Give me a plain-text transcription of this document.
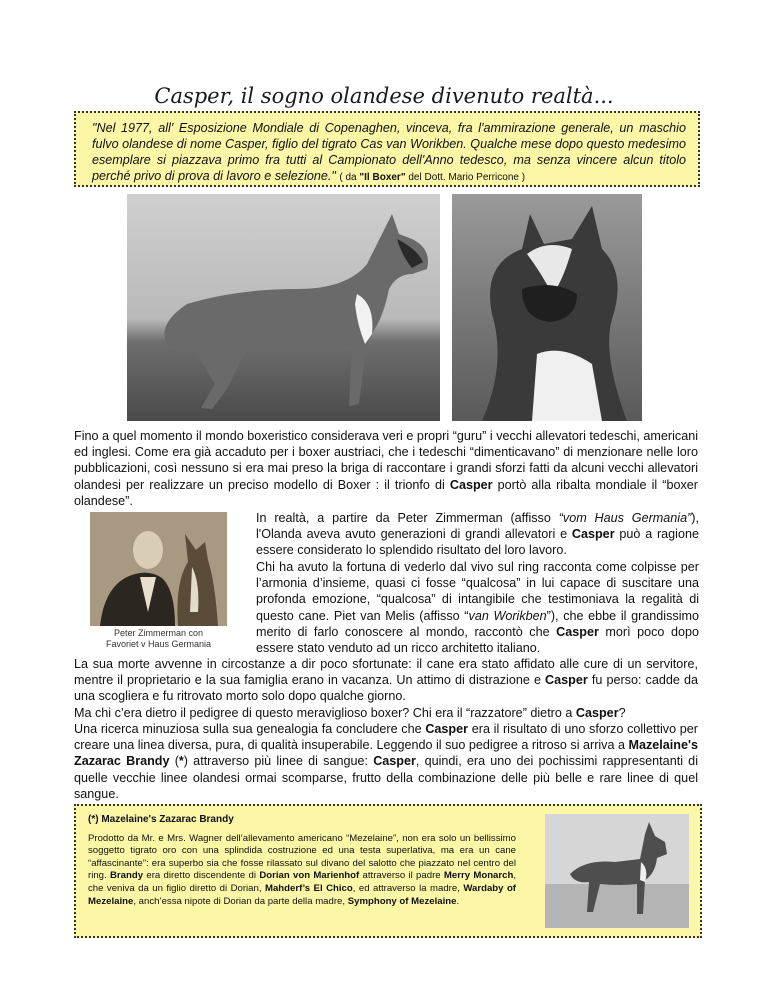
Casper, il sogno olandese divenuto realtà...
"Nel 1977, all' Esposizione Mondiale di Copenaghen, vinceva, fra l'ammirazione generale, un maschio fulvo olandese di nome Casper, figlio del tigrato Cas van Worikben. Qualche mese dopo questo medesimo esemplare si piazzava primo fra tutti al Campionato dell'Anno tedesco, ma senza vincere alcun titolo perché privo di prova di lavoro e selezione." ( da "Il Boxer" del Dott. Mario Perricone )
Fino a quel momento il mondo boxeristico considerava veri e propri “guru” i vecchi allevatori tedeschi, americani ed inglesi. Come era già accaduto per i boxer austriaci, che i tedeschi “dimenticavano” di menzionare nelle loro pubblicazioni, così nessuno si era mai preso la briga di raccontare i grandi sforzi fatti da alcuni vecchi allevatori olandesi per realizzare un preciso modello di Boxer : il trionfo di Casper portò alla ribalta mondiale il “boxer olandese”.
Peter Zimmerman con
Favoriet v Haus Germania
In realtà, a partire da Peter Zimmerman (affisso “vom Haus Germania”), l'Olanda aveva avuto generazioni di grandi allevatori e Casper può a ragione essere considerato lo splendido risultato del loro lavoro.
Chi ha avuto la fortuna di vederlo dal vivo sul ring racconta come colpisse per l’armonia d’insieme, quasi ci fosse “qualcosa” in lui capace di suscitare una profonda emozione, “qualcosa” di intangibile che testimoniava la regalità di questo cane. Piet van Melis (affisso “van Worikben”), che ebbe il grandissimo merito di farlo conoscere al mondo, raccontò che Casper morì poco dopo essere stato venduto ad un ricco architetto italiano.
La sua morte avvenne in circostanze a dir poco sfortunate: il cane era stato affidato alle cure di un servitore, mentre il proprietario e la sua famiglia erano in vacanza. Un attimo di distrazione e Casper fu perso: cadde da una scogliera e fu ritrovato morto solo dopo qualche giorno.
Ma chi c’era dietro il pedigree di questo meraviglioso boxer? Chi era il “razzatore” dietro a Casper?
Una ricerca minuziosa sulla sua genealogia fa concludere che Casper era il risultato di uno sforzo collettivo per creare una linea diversa, pura, di qualità insuperabile. Leggendo il suo pedigree a ritroso si arriva a Mazelaine's Zazarac Brandy (*) attraverso più linee di sangue: Casper, quindi, era uno dei pochissimi rappresentanti di quelle vecchie linee olandesi ormai scomparse, frutto della combinazione delle più belle e rare linee di quel sangue.
(*) Mazelaine's Zazarac Brandy
Prodotto da Mr. e Mrs. Wagner dell’allevamento americano “Mezelaine”, non era solo un bellissimo soggetto tigrato oro con una splindida costruzione ed una testa superlativa, ma era un cane “affascinante”: era superbo sia che fosse rilassato sul divano del salotto che piazzato nel centro del ring. Brandy era diretto discendente di Dorian von Marienhof attraverso il padre Merry Monarch, che veniva da un figlio diretto di Dorian, Mahderf’s El Chico, ed attraverso la madre, Wardaby of Mezelaine, anch’essa nipote di Dorian da parte della madre, Symphony of Mezelaine.
